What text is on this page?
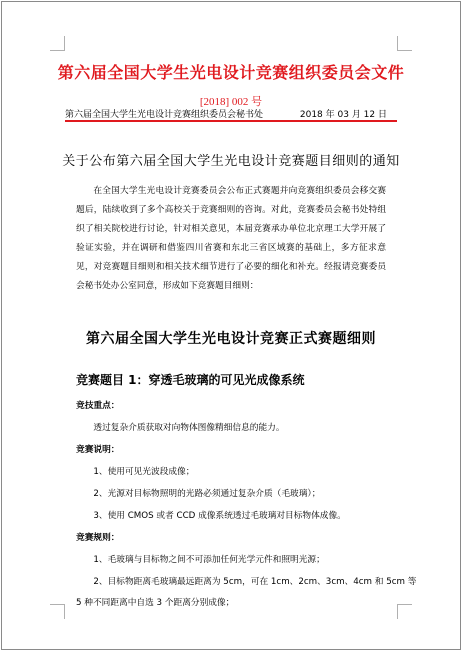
第六届全国大学生光电设计竞赛组织委员会文件
[2018] 002 号
第六届全国大学生光电设计竞赛组织委员会秘书处	2018 年 03 月 12 日
关于公布第六届全国大学生光电设计竞赛题目细则的通知
在全国大学生光电设计竞赛委员会公布正式赛题并向竞赛组织委员会移交赛题后，陆续收到了多个高校关于竞赛细则的咨询。对此，竞赛委员会秘书处特组织了相关院校进行讨论，针对相关意见，本届竞赛承办单位北京理工大学开展了验证实验，并在调研和借鉴四川省赛和东北三省区域赛的基础上，多方征求意见，对竞赛题目细则和相关技术细节进行了必要的细化和补充。经报请竞赛委员会秘书处办公室同意，形成如下竞赛题目细则：
第六届全国大学生光电设计竞赛正式赛题细则
竞赛题目 1：穿透毛玻璃的可见光成像系统
竞技重点：
透过复杂介质获取对向物体图像精细信息的能力。
竞赛说明：
1、使用可见光波段成像；
2、光源对目标物照明的光路必须通过复杂介质（毛玻璃）；
3、使用 CMOS 或者 CCD 成像系统透过毛玻璃对目标物体成像。
竞赛规则：
1、毛玻璃与目标物之间不可添加任何光学元件和照明光源；
2、目标物距离毛玻璃最远距离为 5cm，可在 1cm、2cm、3cm、4cm 和 5cm 等
5 种不同距离中自选 3 个距离分别成像；
